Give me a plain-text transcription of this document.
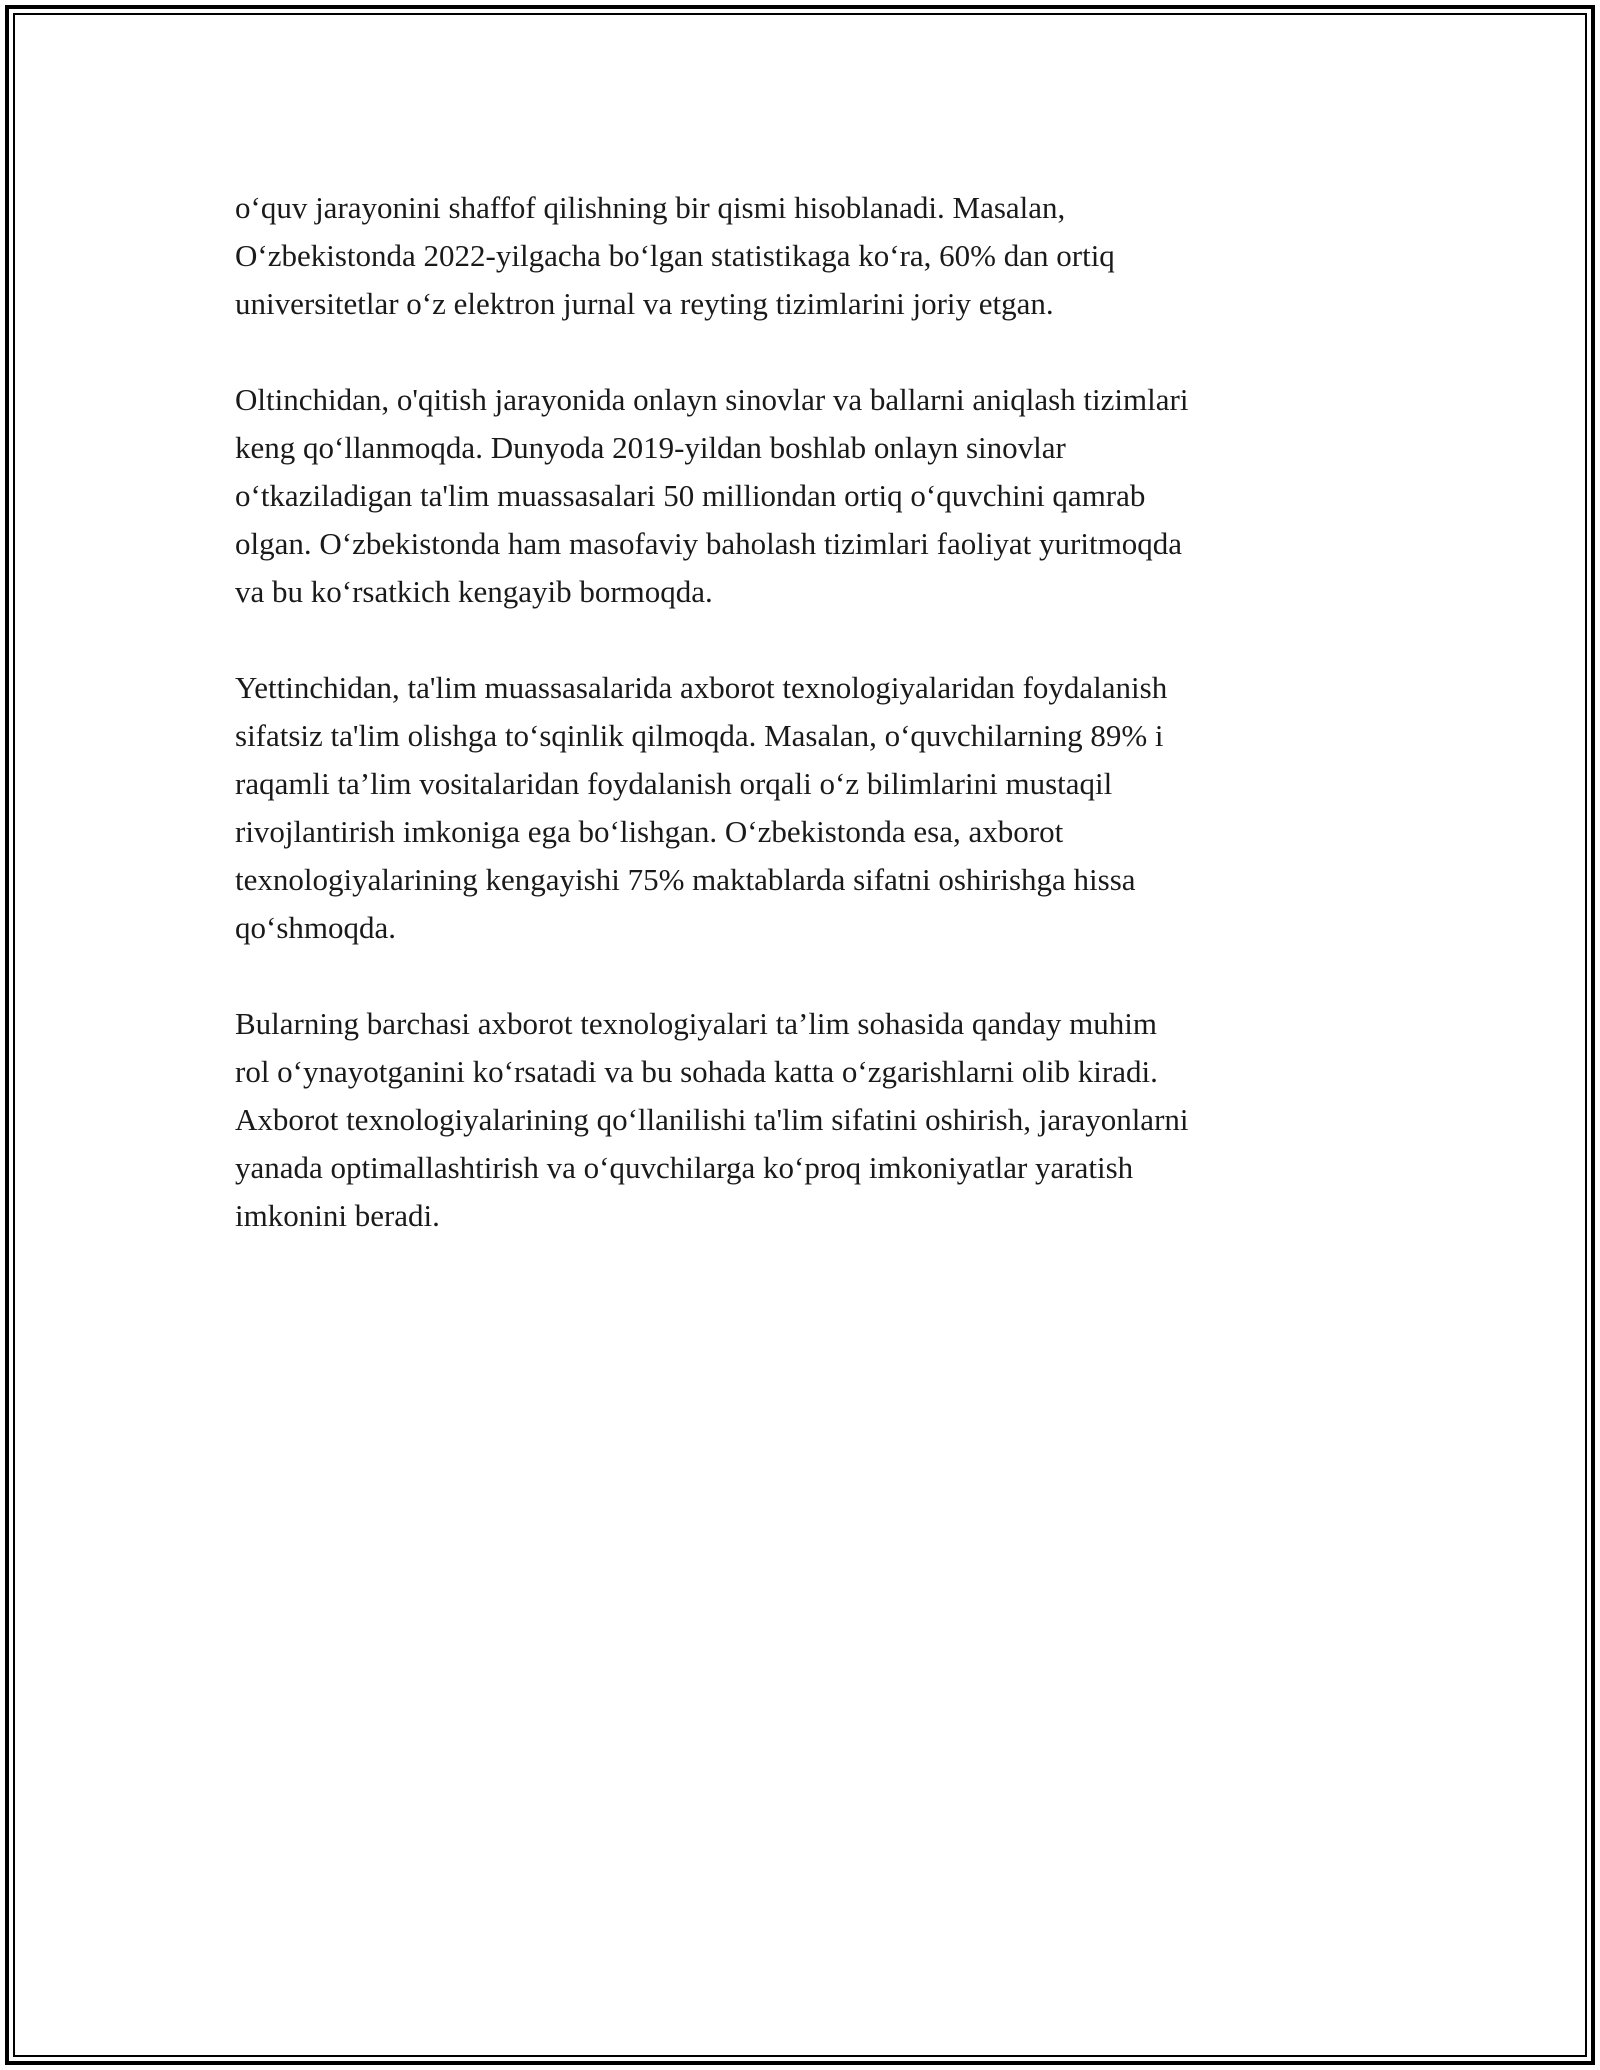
o‘quv jarayonini shaffof qilishning bir qismi hisoblanadi. Masalan,
O‘zbekistonda 2022-yilgacha bo‘lgan statistikaga ko‘ra, 60% dan ortiq
universitetlar o‘z elektron jurnal va reyting tizimlarini joriy etgan.

Oltinchidan, o'qitish jarayonida onlayn sinovlar va ballarni aniqlash tizimlari
keng qo‘llanmoqda. Dunyoda 2019-yildan boshlab onlayn sinovlar
o‘tkaziladigan ta'lim muassasalari 50 milliondan ortiq o‘quvchini qamrab
olgan. O‘zbekistonda ham masofaviy baholash tizimlari faoliyat yuritmoqda
va bu ko‘rsatkich kengayib bormoqda.

Yettinchidan, ta'lim muassasalarida axborot texnologiyalaridan foydalanish
sifatsiz ta'lim olishga to‘sqinlik qilmoqda. Masalan, o‘quvchilarning 89% i
raqamli ta’lim vositalaridan foydalanish orqali o‘z bilimlarini mustaqil
rivojlantirish imkoniga ega bo‘lishgan. O‘zbekistonda esa, axborot
texnologiyalarining kengayishi 75% maktablarda sifatni oshirishga hissa
qo‘shmoqda.

Bularning barchasi axborot texnologiyalari ta’lim sohasida qanday muhim
rol o‘ynayotganini ko‘rsatadi va bu sohada katta o‘zgarishlarni olib kiradi.
Axborot texnologiyalarining qo‘llanilishi ta'lim sifatini oshirish, jarayonlarni
yanada optimallashtirish va o‘quvchilarga ko‘proq imkoniyatlar yaratish
imkonini beradi.
